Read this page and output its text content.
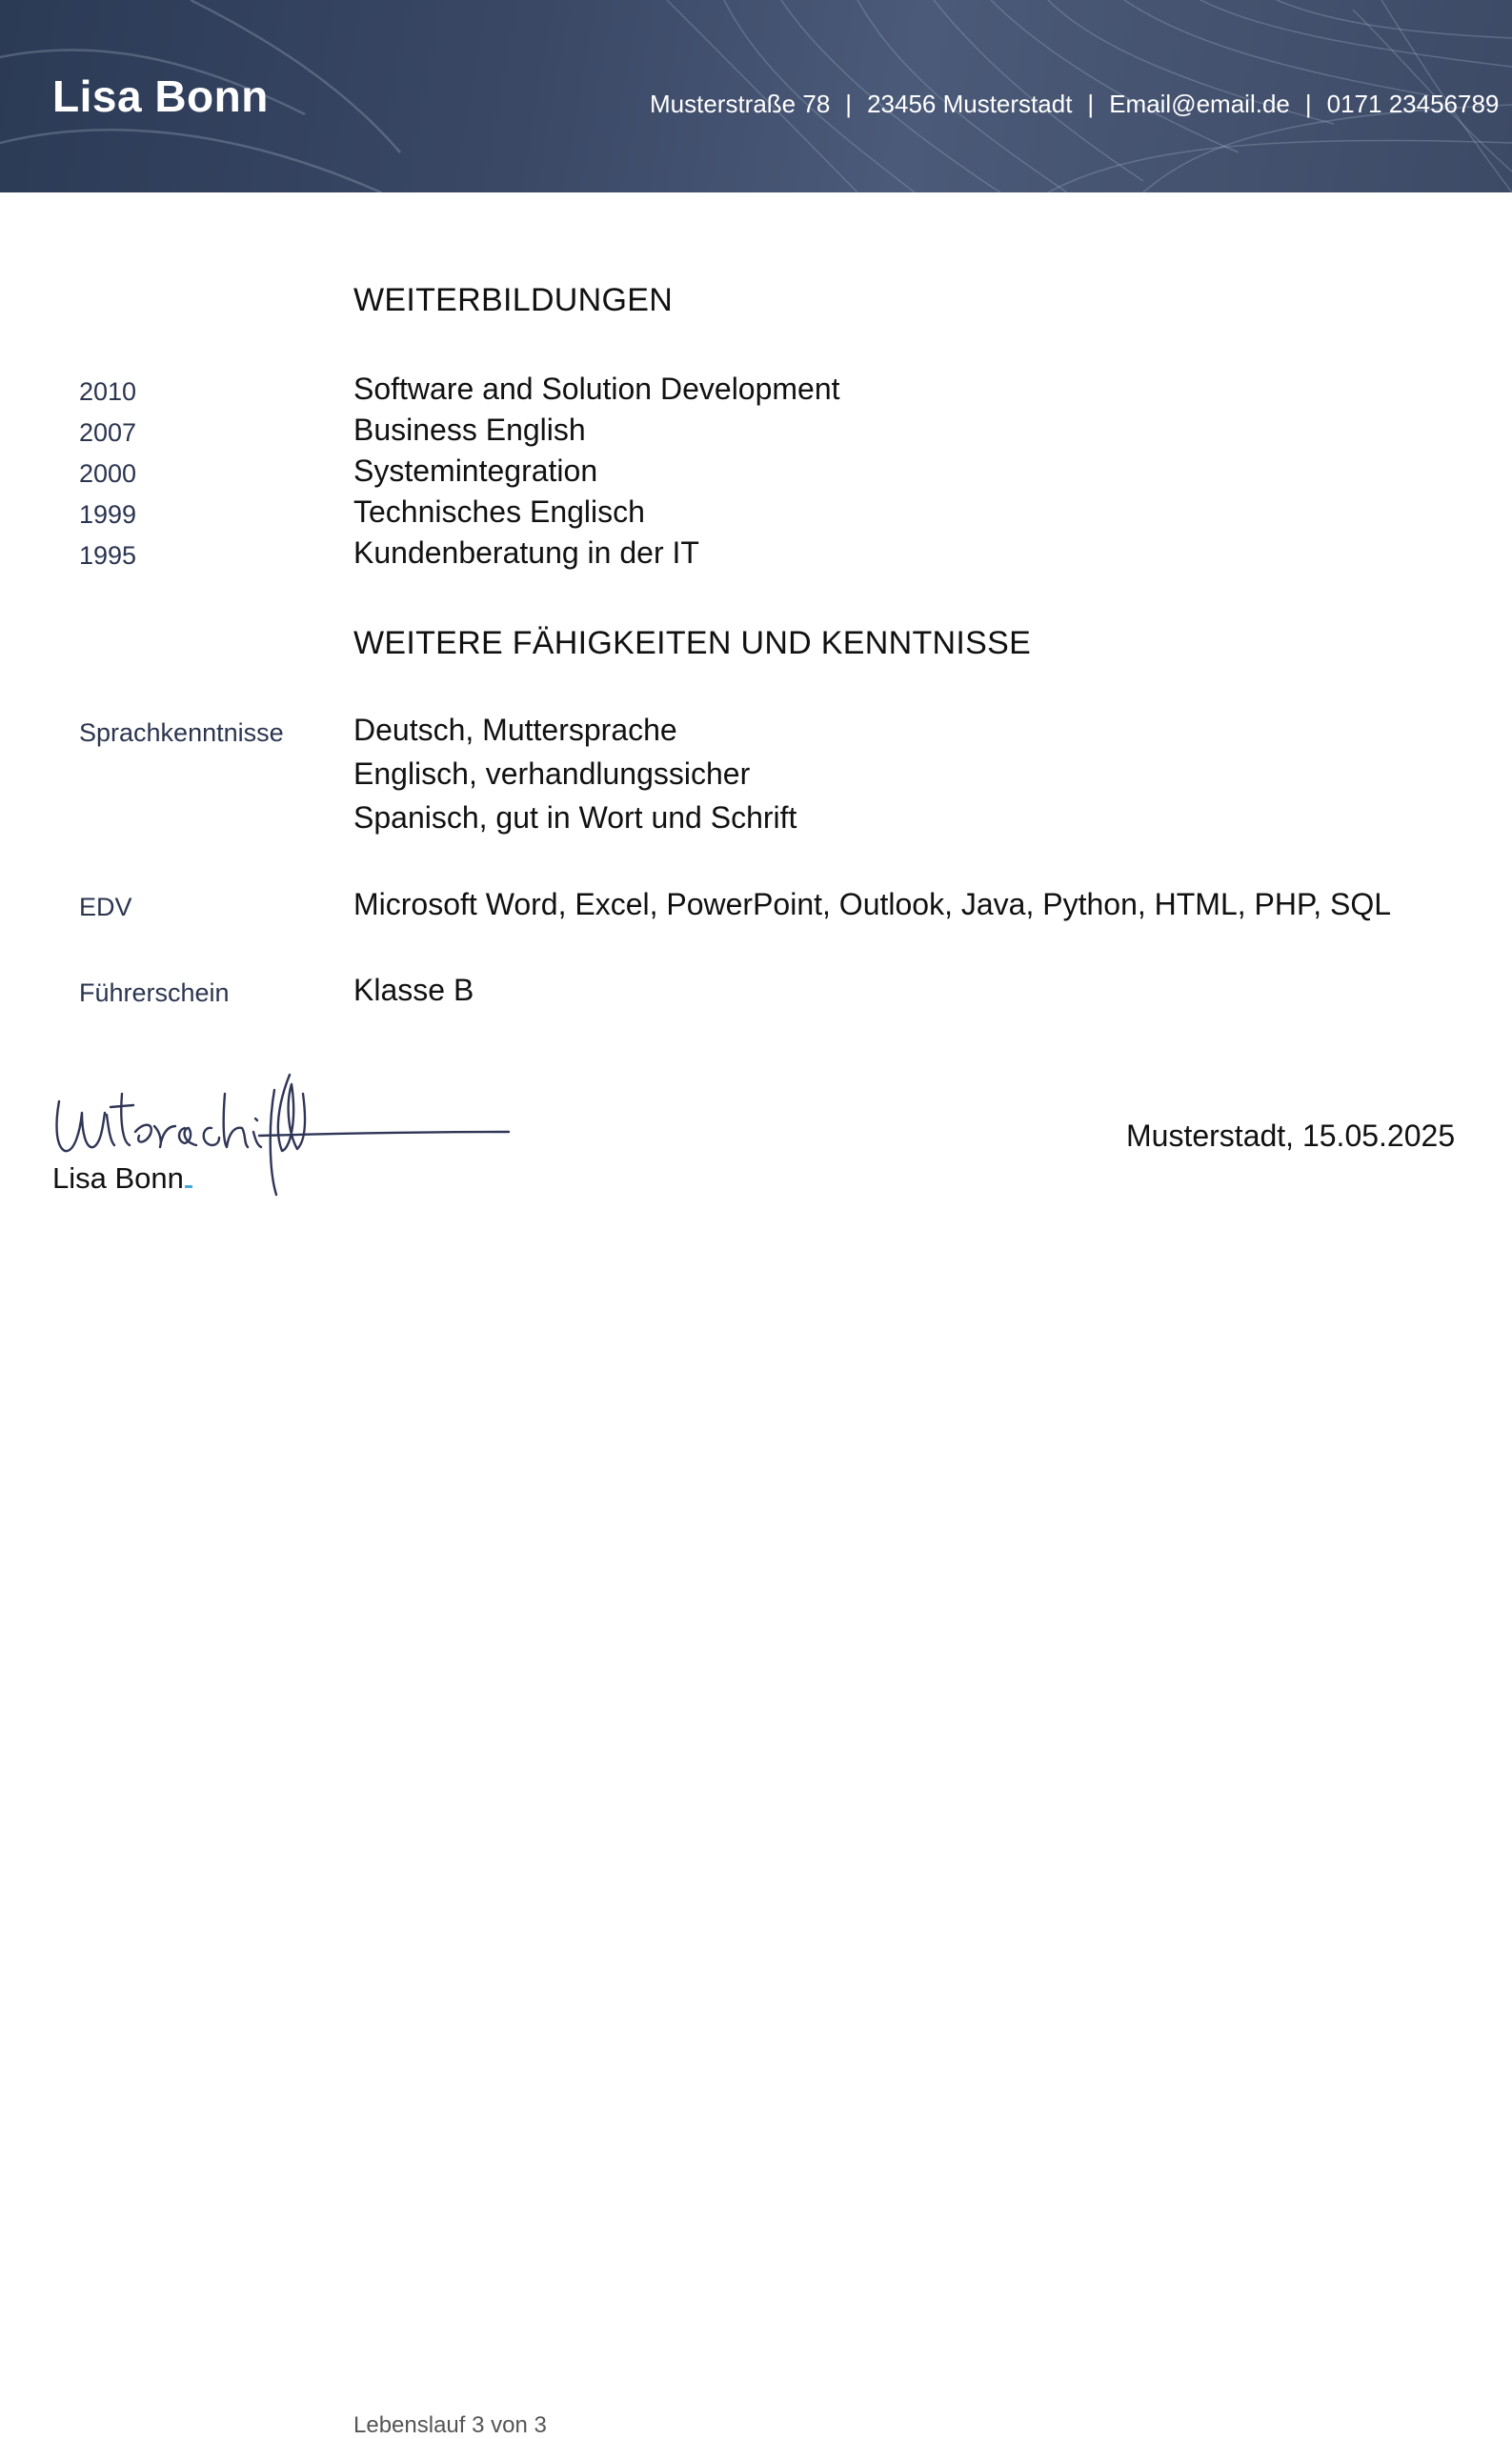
Lisa Bonn	Musterstraße 78 | 23456 Musterstadt | Email@email.de | 0171 23456789
WEITERBILDUNGEN
2010	Software and Solution Development
2007	Business English
2000	Systemintegration
1999	Technisches Englisch
1995	Kundenberatung in der IT
WEITERE FÄHIGKEITEN UND KENNTNISSE
Sprachkenntnisse Deutsch, Muttersprache
Englisch, verhandlungssicher
Spanisch, gut in Wort und Schrift
EDV	Microsoft Word, Excel, PowerPoint, Outlook, Java, Python, HTML, PHP, SQL
Führerschein	Klasse B
Lisa Bonn
Musterstadt, 15.05.2025
Lebenslauf 3 von 3
